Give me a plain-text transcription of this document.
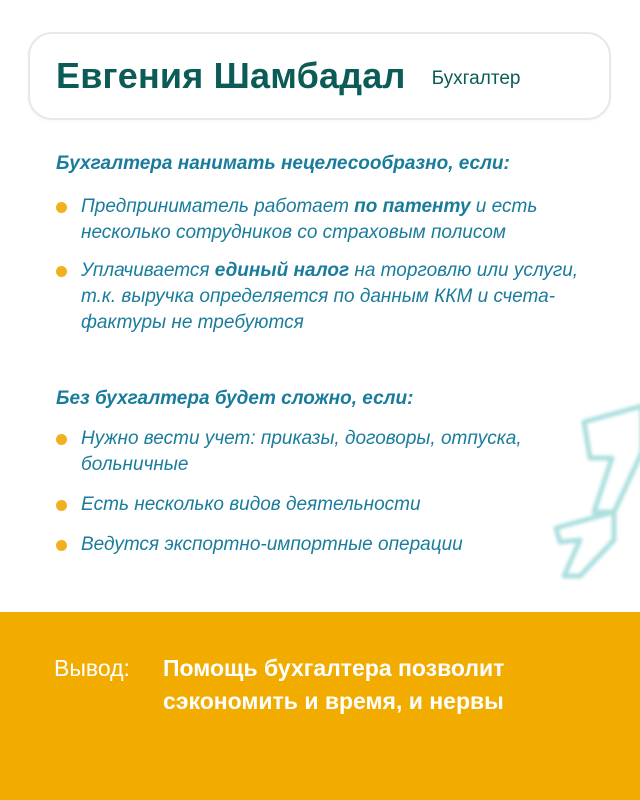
Евгения Шамбадал Бухгалтер
Бухгалтера нанимать нецелесообразно, если:
Предприниматель работает по патенту и есть несколько сотрудников со страховым полисом
Уплачивается единый налог на торговлю или услуги, т.к. выручка определяется по данным ККМ и счета-фактуры не требуются
Без бухгалтера будет сложно, если:
Нужно вести учет: приказы, договоры, отпуска, больничные
Есть несколько видов деятельности
Ведутся экспортно-импортные операции
Вывод: Помощь бухгалтера позволит сэкономить и время, и нервы
